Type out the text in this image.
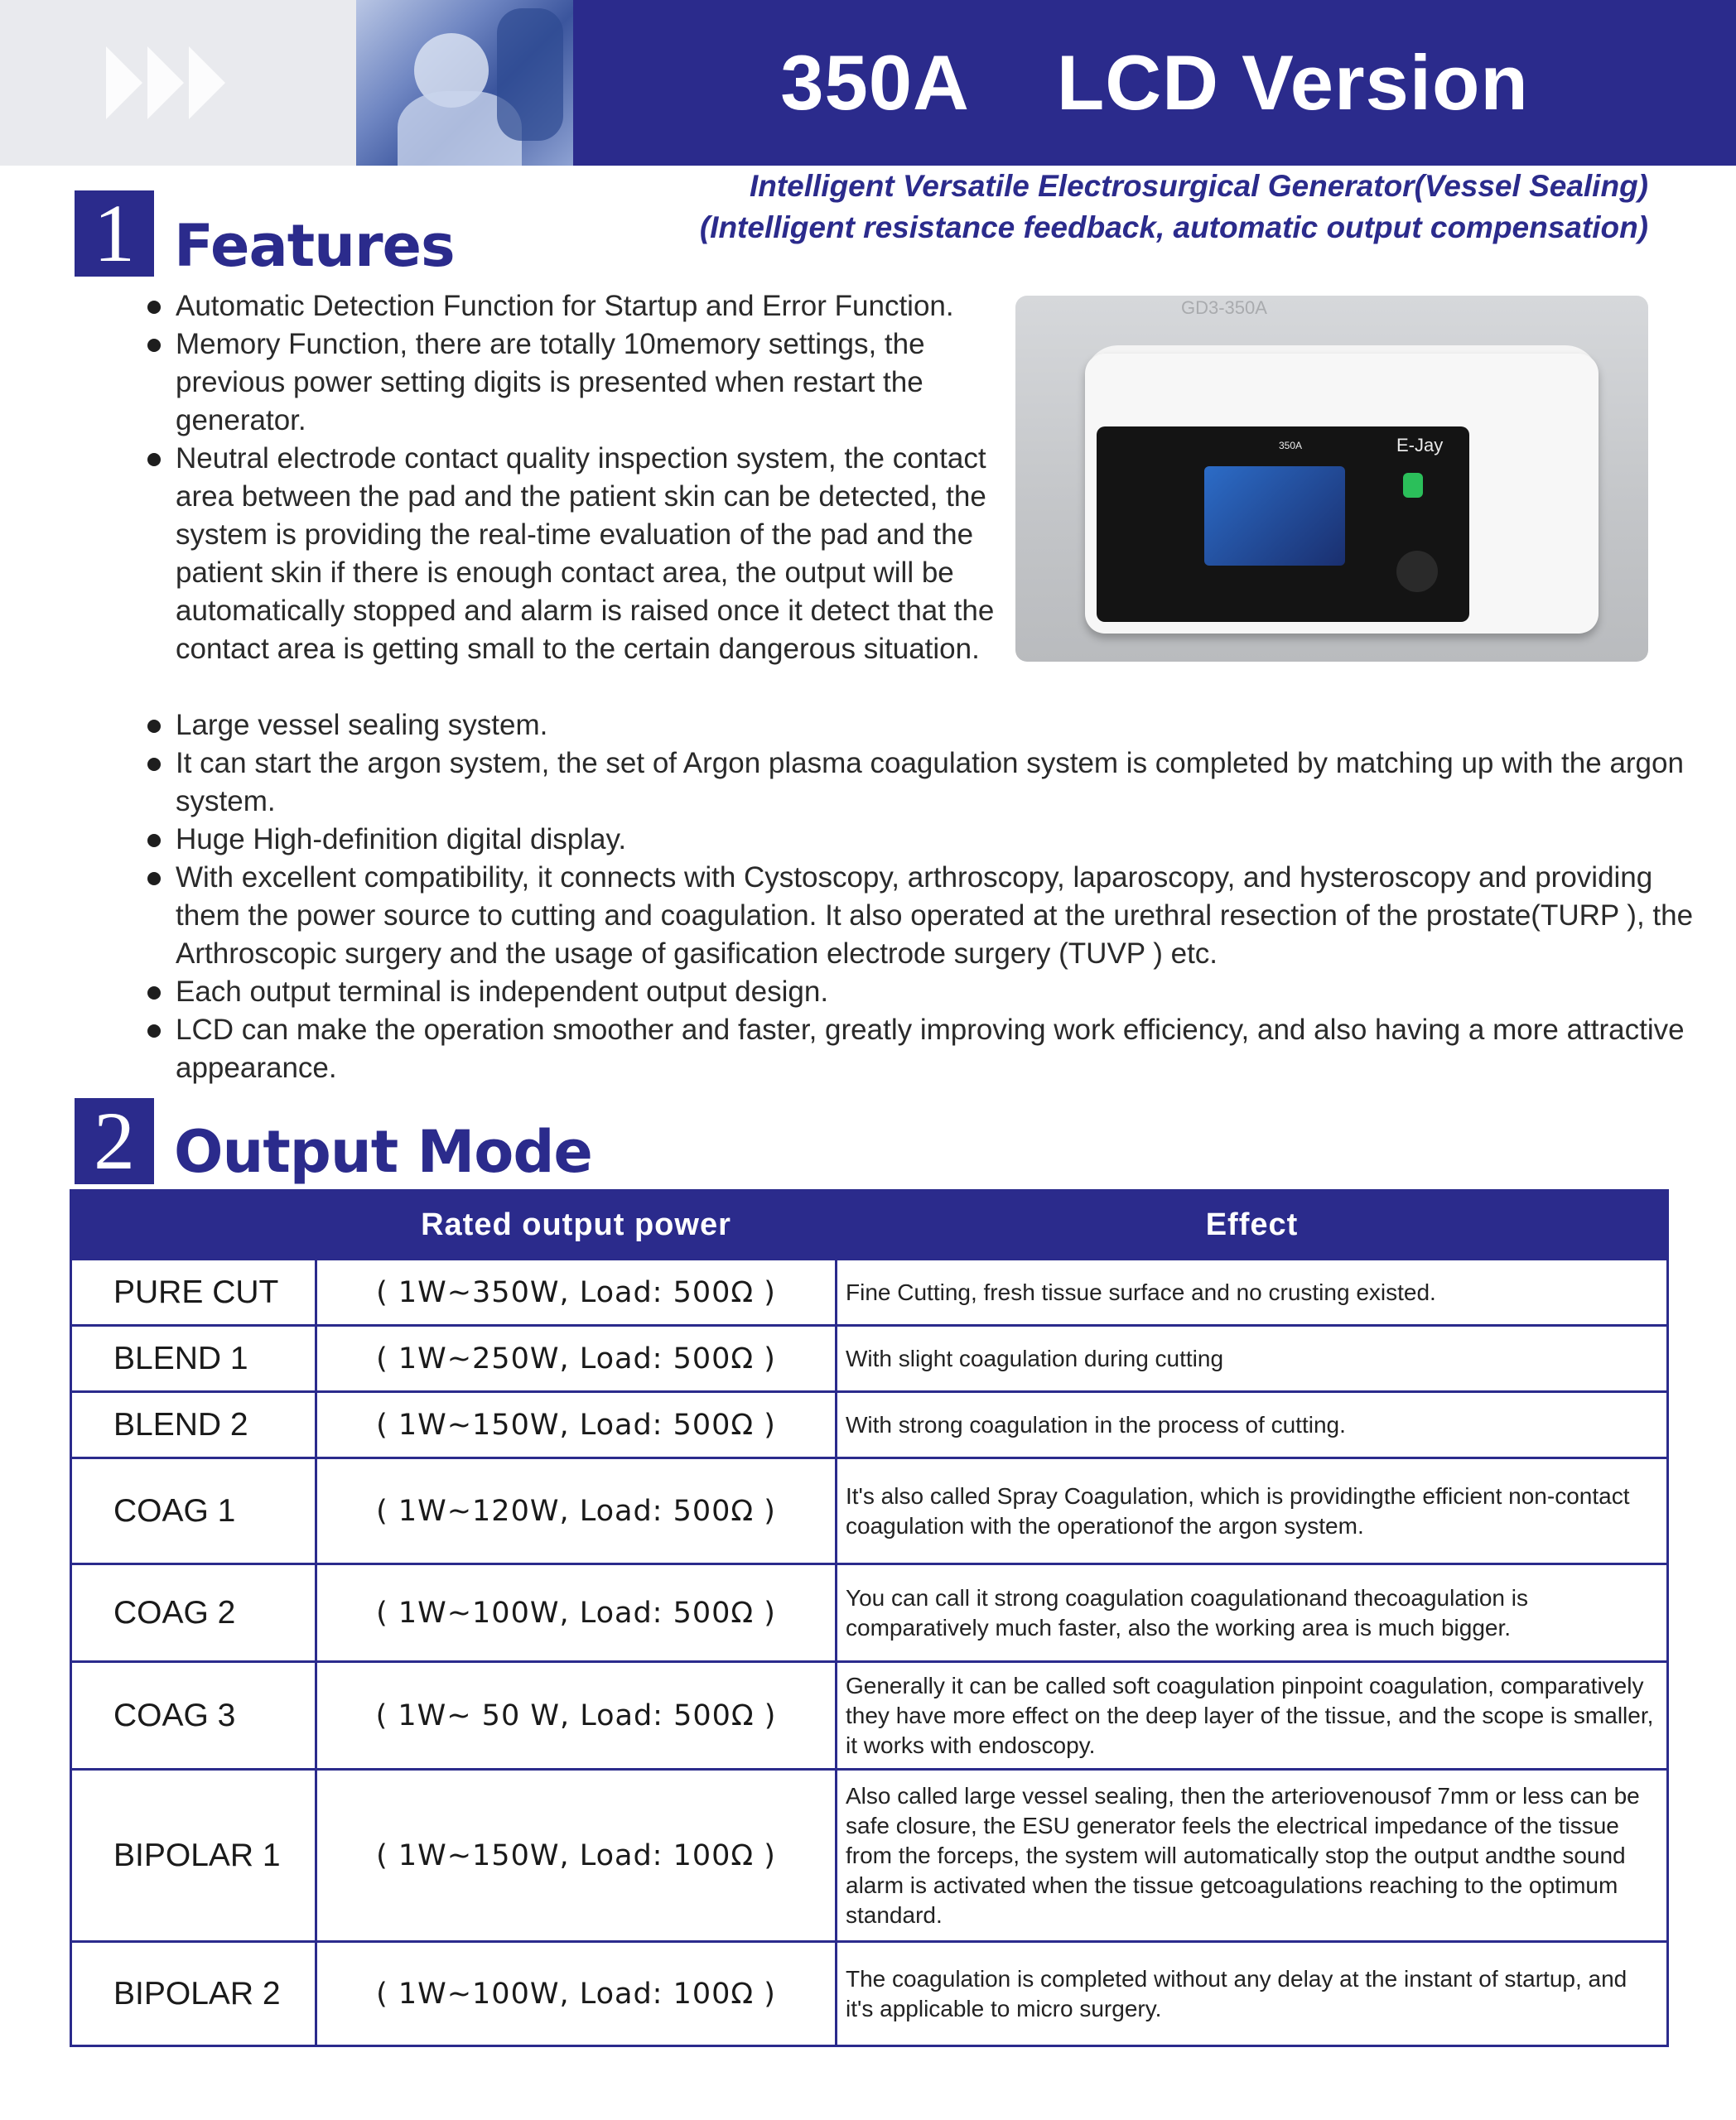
350A    LCD Version
1 Features
Intelligent Versatile Electrosurgical Generator(Vessel Sealing)
(Intelligent resistance feedback, automatic output compensation)
Automatic Detection Function for Startup and Error Function.
Memory Function, there are totally 10memory settings, the previous power setting digits is presented when restart the generator.
Neutral electrode contact quality inspection system, the contact area between the pad and the patient skin can be detected, the system is providing the real-time evaluation of the pad and the patient skin if there is enough contact area, the output will be automatically stopped and alarm is raised once it detect that the contact area is getting small to the certain dangerous situation.
GD3-350A
350A	E-Jay
Large vessel sealing system.
It can start the argon system, the set of Argon plasma coagulation system is completed by matching up with the argon system.
Huge High-definition digital display.
With excellent compatibility, it connects with Cystoscopy, arthroscopy, laparoscopy, and hysteroscopy and providing them the power source to cutting and coagulation. It also operated at the urethral resection of the prostate(TURP ), the Arthroscopic surgery and the usage of gasification electrode surgery (TUVP ) etc.
Each output terminal is independent output design.
LCD can make the operation smoother and faster, greatly improving work efficiency, and also having a more attractive appearance.
2 Output Mode
	Rated output power	Effect
PURE CUT	( 1W~350W, Load: 500Ω )	Fine Cutting, fresh tissue surface and no crusting existed.
BLEND 1	( 1W~250W, Load: 500Ω )	With slight coagulation during cutting
BLEND 2	( 1W~150W, Load: 500Ω )	With strong coagulation in the process of cutting.
COAG 1	( 1W~120W, Load: 500Ω )	It's also called Spray Coagulation, which is providingthe efficient non-contact coagulation with the operationof the argon system.
COAG 2	( 1W~100W, Load: 500Ω )	You can call it strong coagulation coagulationand thecoagulation is comparatively much faster, also the working area is much bigger.
COAG 3	( 1W~ 50 W, Load: 500Ω )	Generally it can be called soft coagulation pinpoint coagulation, comparatively they have more effect on the deep layer of the tissue, and the scope is smaller, it works with endoscopy.
BIPOLAR 1	( 1W~150W, Load: 100Ω )	Also called large vessel sealing, then the arteriovenousof 7mm or less can be safe closure, the ESU generator feels the electrical impedance of the tissue from the forceps, the system will automatically stop the output andthe sound alarm is activated when the tissue getcoagulations reaching to the optimum standard.
BIPOLAR 2	( 1W~100W, Load: 100Ω )	The coagulation is completed without any delay at the instant of startup, and it's applicable to micro surgery.
